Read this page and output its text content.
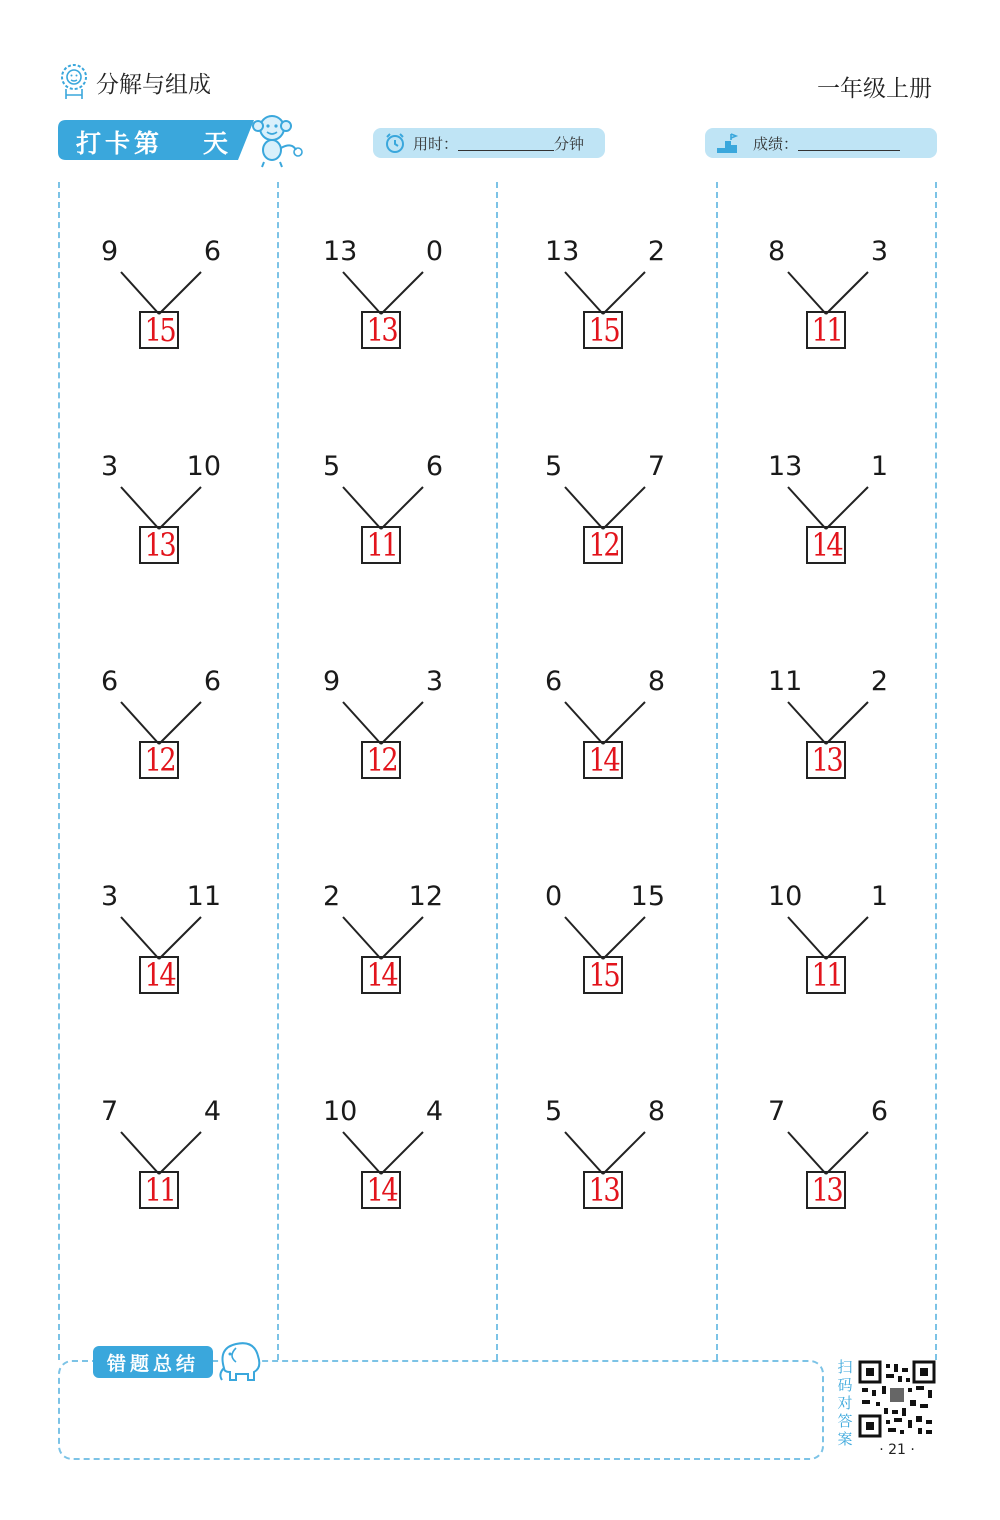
分解与组成	一年级上册
打卡第 天	用时：	分钟	成绩：
9	6
15
13	0
13
13	2
15
8	3
11
3	10
13
5	6
11
5	7
12
13	1
14
6	6
12
9	3
12
6	8
14
11	2
13
3	11
14
2	12
14
0	15
15
10	1
11
7	4
11
10	4
14
5	8
13
7	6
13
错题总结	扫码对答案
· 21 ·
